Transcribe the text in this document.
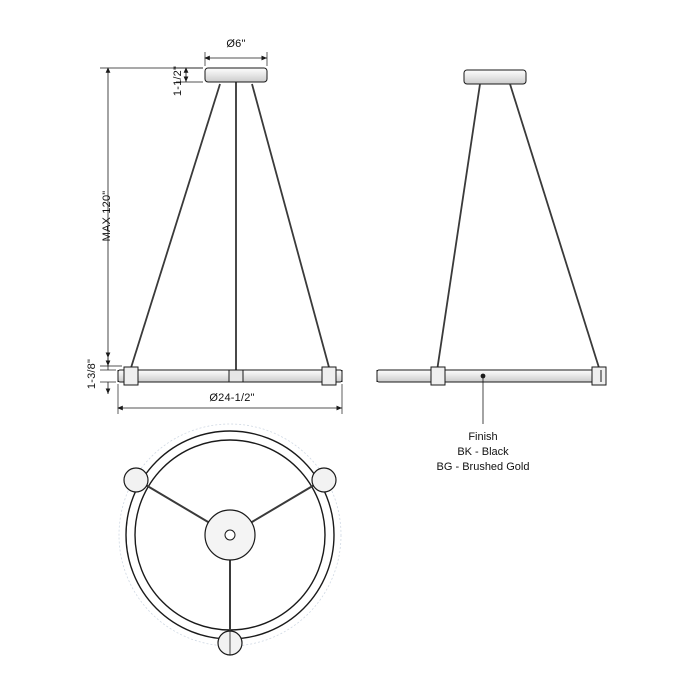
Ø6"
1-1/2"
MAX 120"
1-3/8"
Ø24-1/2"
Finish
BK - Black
BG - Brushed Gold
